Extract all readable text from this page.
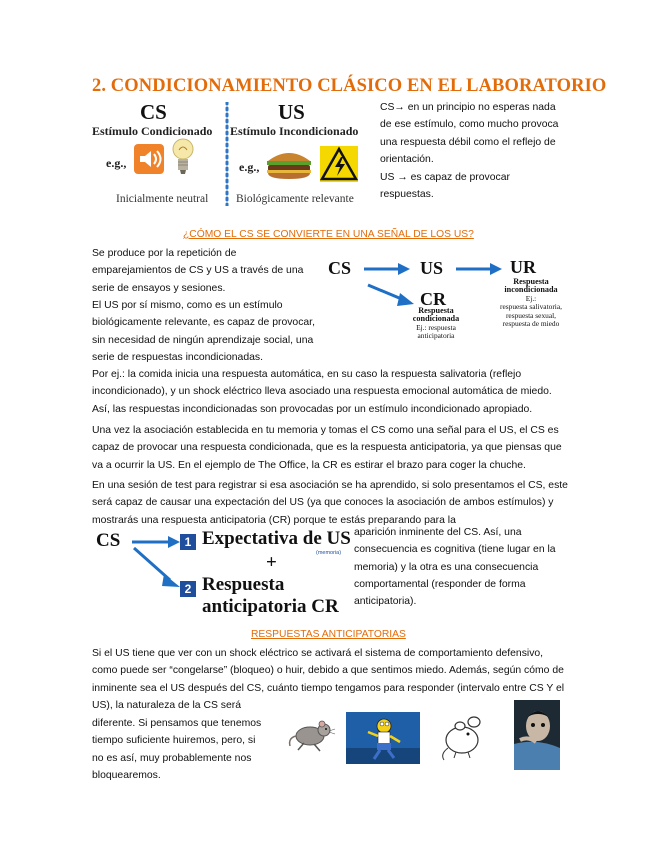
2. CONDICIONAMIENTO CLÁSICO EN EL LABORATORIO
CS
Estímulo Condicionado
US
Estímulo Incondicionado
e.g.,	e.g.,
Inicialmente neutral Biológicamente relevante
CS→ en un principio no esperas nada de ese estímulo, como mucho provoca una respuesta débil como el reflejo de orientación.
US → es capaz de provocar respuestas.
¿CÓMO EL CS SE CONVIERTE EN UNA SEÑAL DE LOS US?
Se produce por la repetición de emparejamientos de CS y US a través de una serie de ensayos y sesiones.
El US por sí mismo, como es un estímulo biológicamente relevante, es capaz de provocar, sin necesidad de ningún aprendizaje social, una serie de respuestas incondicionadas.
CS	US	UR
CR
Respuesta
incondicionada
Ej.:
respuesta salivatoria,
respuesta sexual,
respuesta de miedo
Respuesta
condicionada
Ej.: respuesta
anticipatoria
Por ej.: la comida inicia una respuesta automática, en su caso la respuesta salivatoria (reflejo incondicionado), y un shock eléctrico lleva asociado una respuesta emocional automática de miedo. Así, las respuestas incondicionadas son provocadas por un estímulo incondicionado apropiado.
Una vez la asociación establecida en tu memoria y tomas el CS como una señal para el US, el CS es capaz de provocar una respuesta condicionada, que es la respuesta anticipatoria, ya que piensas que va a ocurrir la US. En el ejemplo de The Office, la CR es estirar el brazo para coger la chuche.
En una sesión de test para registrar si esa asociación se ha aprendido, si solo presentamos el CS, este será capaz de causar una expectación del US (ya que conoces la asociación de ambos estímulos) y mostrarás una respuesta anticipatoria (CR) porque te estás preparando para la
aparición inminente del CS. Así, una consecuencia es cognitiva (tiene lugar en la memoria) y la otra es una consecuencia comportamental (responder de forma anticipatoria).
CS	1 Expectativa de US
(memoria)
+
2 Respuesta
anticipatoria CR
RESPUESTAS ANTICIPATORIAS
Si el US tiene que ver con un shock eléctrico se activará el sistema de comportamiento defensivo, como puede ser “congelarse” (bloqueo) o huir, debido a que sentimos miedo. Además, según cómo de inminente sea el US después del CS, cuánto tiempo tengamos para responder (intervalo entre CS Y el US), la naturaleza de la CS será
diferente. Si pensamos que tenemos tiempo suficiente huiremos, pero, si no es así, muy probablemente nos bloquearemos.
